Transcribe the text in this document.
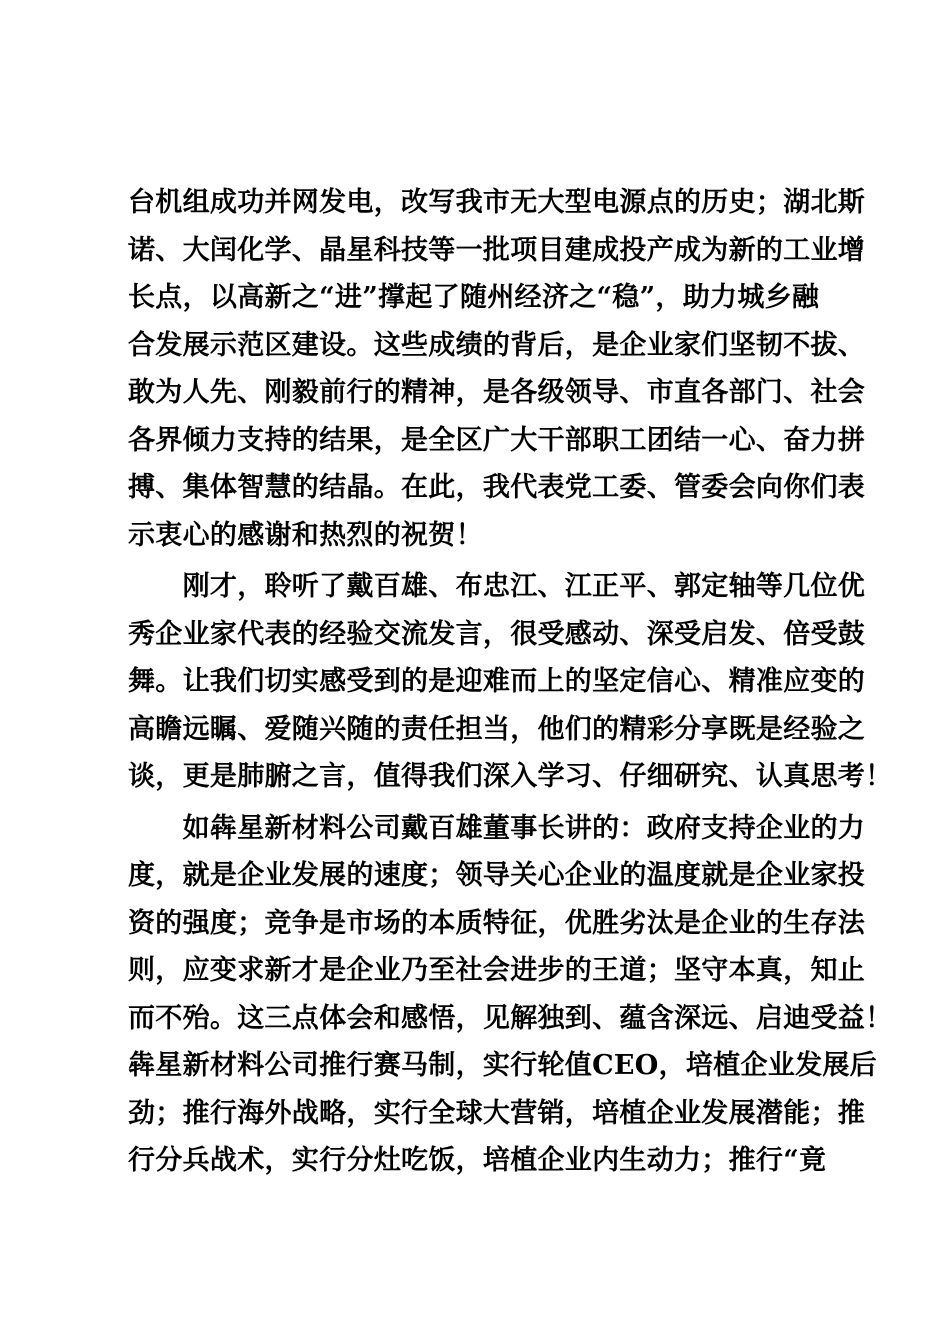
台机组成功并网发电，改写我市无大型电源点的历史；湖北斯
诺、大闰化学、晶星科技等一批项目建成投产成为新的工业增
长点，以高新之“进”撑起了随州经济之“稳”，助力城乡融
合发展示范区建设。这些成绩的背后，是企业家们坚韧不拔、
敢为人先、刚毅前行的精神，是各级领导、市直各部门、社会
各界倾力支持的结果，是全区广大干部职工团结一心、奋力拼
搏、集体智慧的结晶。在此，我代表党工委、管委会向你们表
示衷心的感谢和热烈的祝贺！
　　刚才，聆听了戴百雄、布忠江、江正平、郭定轴等几位优
秀企业家代表的经验交流发言，很受感动、深受启发、倍受鼓
舞。让我们切实感受到的是迎难而上的坚定信心、精准应变的
高瞻远瞩、爱随兴随的责任担当，他们的精彩分享既是经验之
谈，更是肺腑之言，值得我们深入学习、仔细研究、认真思考！
　　如犇星新材料公司戴百雄董事长讲的：政府支持企业的力
度，就是企业发展的速度；领导关心企业的温度就是企业家投
资的强度；竞争是市场的本质特征，优胜劣汰是企业的生存法
则，应变求新才是企业乃至社会进步的王道；坚守本真，知止
而不殆。这三点体会和感悟，见解独到、蕴含深远、启迪受益！
犇星新材料公司推行赛马制，实行轮值CEO，培植企业发展后
劲；推行海外战略，实行全球大营销，培植企业发展潜能；推
行分兵战术，实行分灶吃饭，培植企业内生动力；推行“竟
